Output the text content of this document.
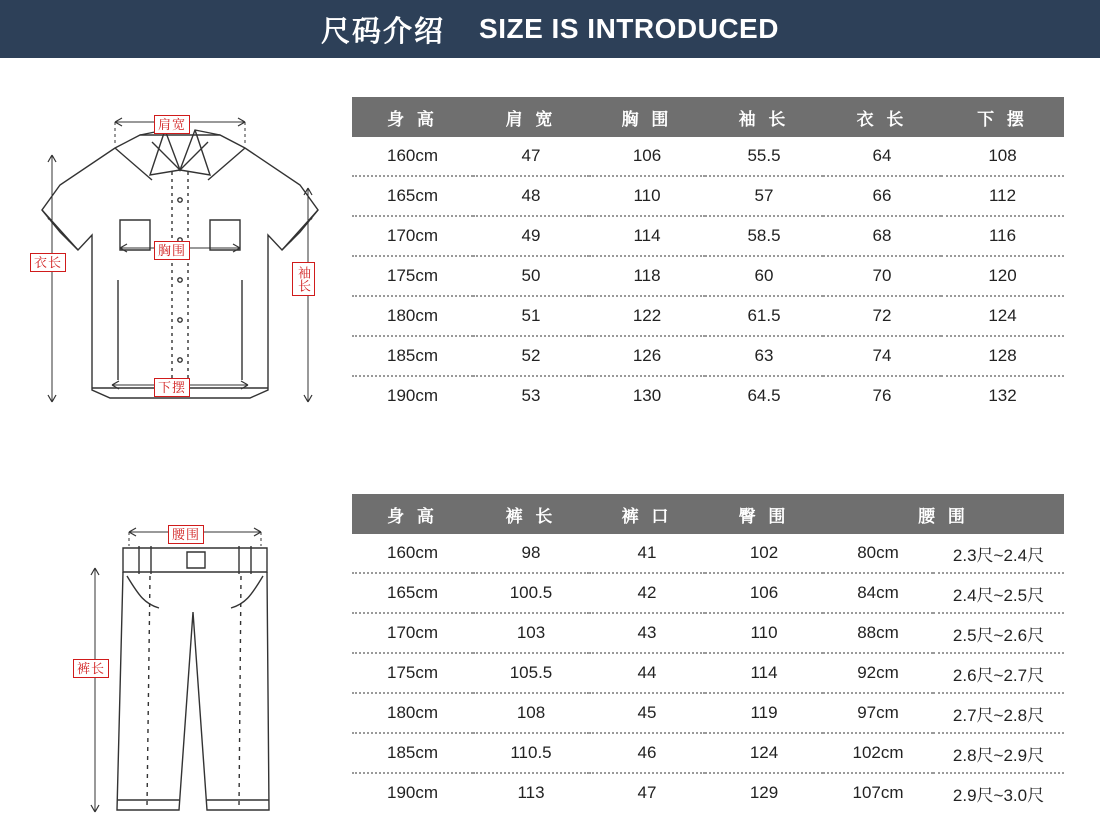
尺码介绍 SIZE IS INTRODUCED
肩宽
胸围
下摆
衣长
袖长
腰围
裤长
身 高	肩 宽	胸 围	袖 长	衣 长	下 摆
160cm	47	106	55.5	64	108
165cm	48	110	57	66	112
170cm	49	114	58.5	68	116
175cm	50	118	60	70	120
180cm	51	122	61.5	72	124
185cm	52	126	63	74	128
190cm	53	130	64.5	76	132
身 高	裤 长	裤 口	臀 围	腰 围	
160cm	98	41	102	80cm	2.3尺~2.4尺
165cm	100.5	42	106	84cm	2.4尺~2.5尺
170cm	103	43	110	88cm	2.5尺~2.6尺
175cm	105.5	44	114	92cm	2.6尺~2.7尺
180cm	108	45	119	97cm	2.7尺~2.8尺
185cm	110.5	46	124	102cm	2.8尺~2.9尺
190cm	113	47	129	107cm	2.9尺~3.0尺
